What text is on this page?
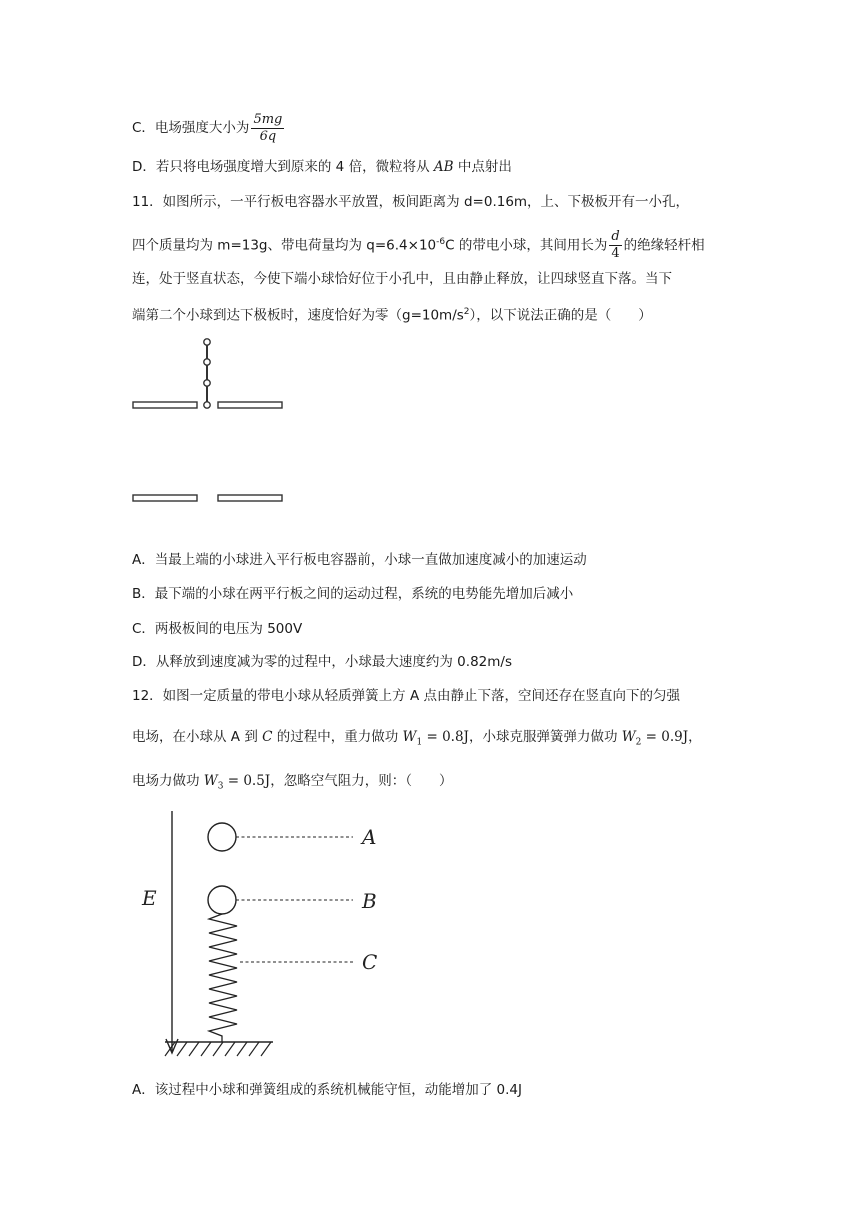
C．电场强度大小为 $\frac{5mg}{6q}$
D．若只将电场强度增大到原来的 4 倍，微粒将从 AB 中点射出
11．如图所示，一平行板电容器水平放置，板间距离为 d=0.16m，上、下极板开有一小孔，
四个质量均为 m=13g、带电荷量均为 $q=6.4\times 10^{-6}C$ 的带电小球，其间用长为 $\frac{d}{4}$ 的绝缘轻杆相
连，处于竖直状态，今使下端小球恰好位于小孔中，且由静止释放，让四球竖直下落。当下
端第二个小球到达下极板时，速度恰好为零$(g=10m/s^2)$，以下说法正确的是（　　）
A．当最上端的小球进入平行板电容器前，小球一直做加速度减小的加速运动
B．最下端的小球在两平行板之间的运动过程，系统的电势能先增加后减小
C．两极板间的电压为 500V
D．从释放到速度减为零的过程中，小球最大速度约为 0.82m/s
12．如图一定质量的带电小球从轻质弹簧上方 A 点由静止下落，空间还存在竖直向下的匀强
电场，在小球从 A 到 C 的过程中，重力做功 $W_1 = 0.8J$，小球克服弹簧弹力做功 $W_2 = 0.9J$，
电场力做功 $W_3 = 0.5J$，忽略空气阻力，则：（　　）
A
B
C
E
A．该过程中小球和弹簧组成的系统机械能守恒，动能增加了 0.4J
